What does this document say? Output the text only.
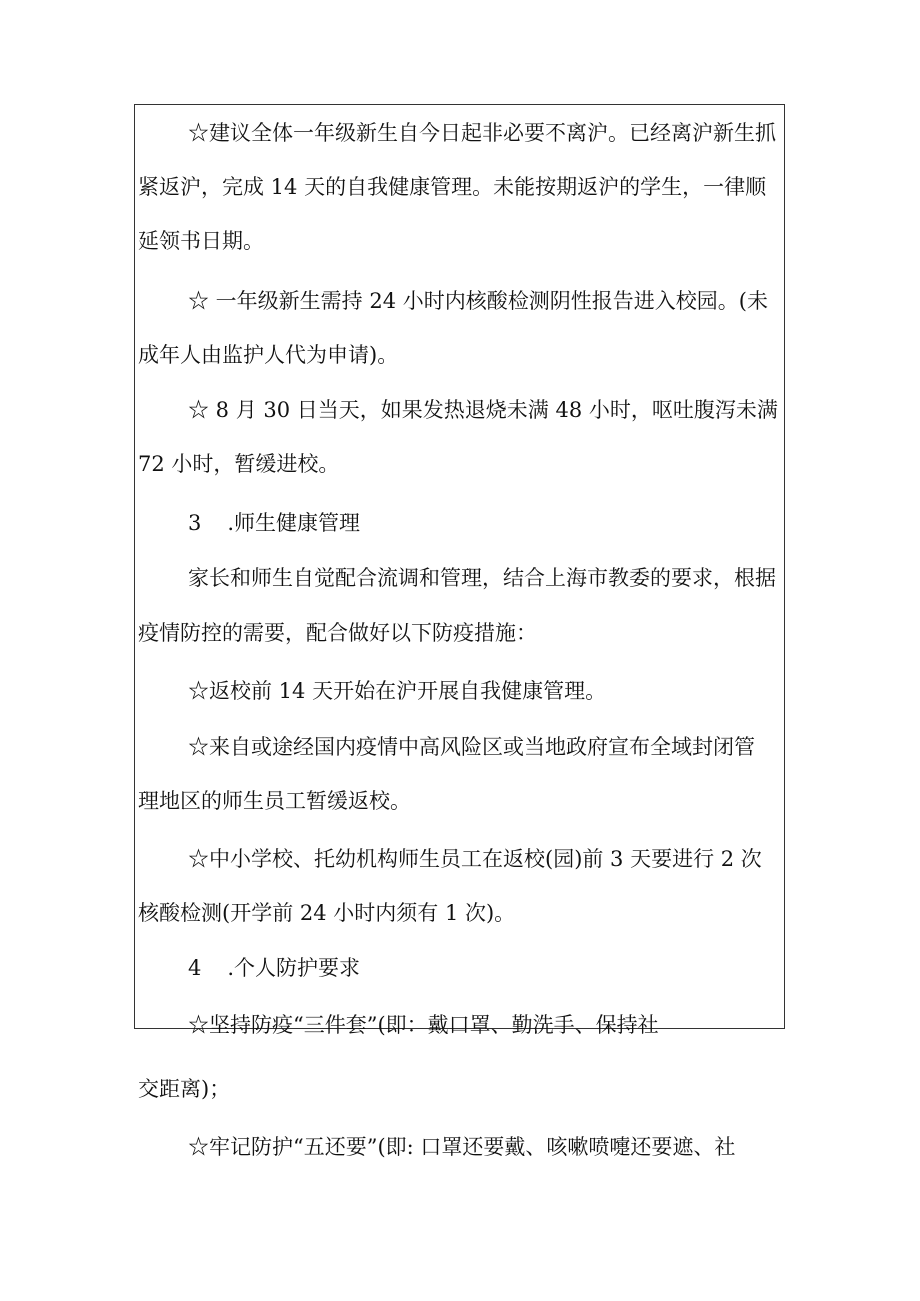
☆建议全体一年级新生自今日起非必要不离沪。已经离沪新生抓

紧返沪，完成 14 天的自我健康管理。未能按期返沪的学生，一律顺

延领书日期。

☆ 一年级新生需持 24 小时内核酸检测阴性报告进入校园。(未

成年人由监护人代为申请)。

☆ 8 月 30 日当天，如果发热退烧未满 48 小时，呕吐腹泻未满

72 小时，暂缓进校。

3 .师生健康管理

家长和师生自觉配合流调和管理，结合上海市教委的要求，根据

疫情防控的需要，配合做好以下防疫措施：

☆返校前 14 天开始在沪开展自我健康管理。

☆来自或途经国内疫情中高风险区或当地政府宣布全域封闭管

理地区的师生员工暂缓返校。

☆中小学校、托幼机构师生员工在返校(园)前 3 天要进行 2 次

核酸检测(开学前 24 小时内须有 1 次)。

4 .个人防护要求

☆坚持防疫“三件套”(即：戴口罩、勤洗手、保持社

交距离)；

☆牢记防护“五还要”(即: 口罩还要戴、咳嗽喷嚏还要遮、社
